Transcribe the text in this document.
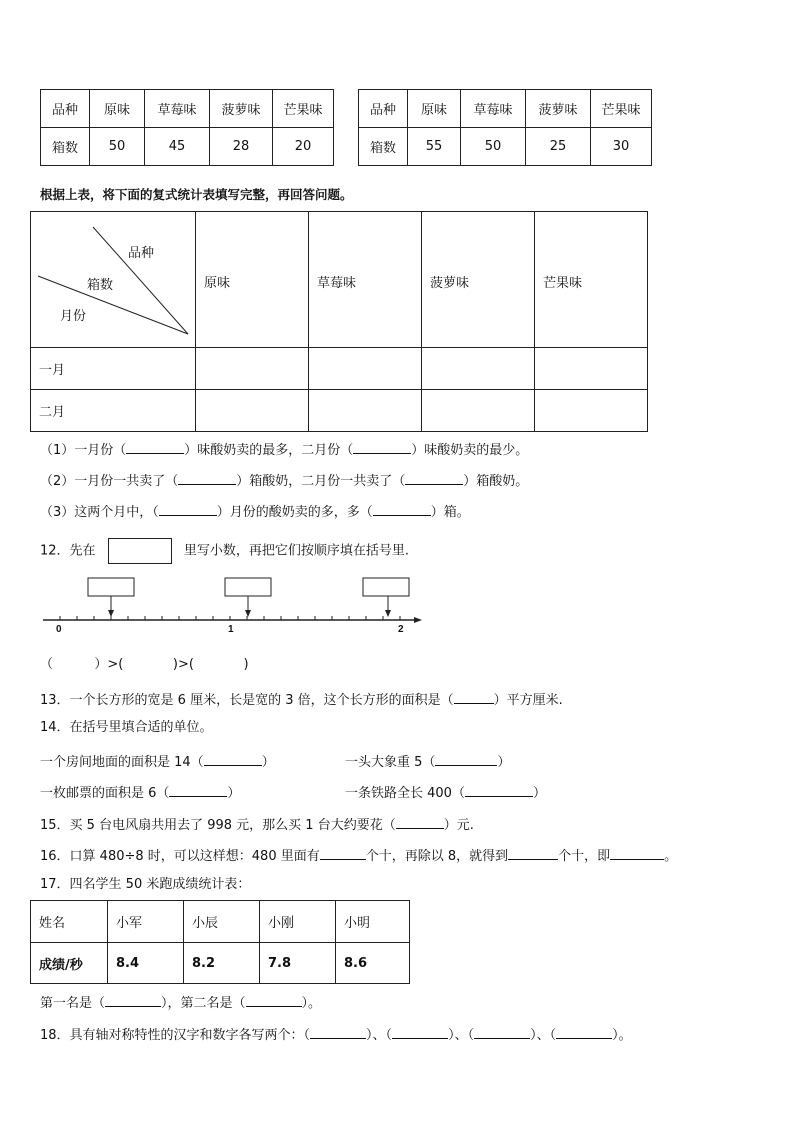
品种	原味	草莓味	菠萝味	芒果味
箱数	50	45	28	20
品种	原味	草莓味	菠萝味	芒果味
箱数	55	50	25	30
根据上表，将下面的复式统计表填写完整，再回答问题。
品种
箱数
月份	原味	草莓味	菠萝味	芒果味
一月				
二月				
（1）一月份（	）味酸奶卖的最多，二月份（	）味酸奶卖的最少。
（2）一月份一共卖了（	）箱酸奶，二月份一共卖了（	）箱酸奶。
（3）这两个月中，（	）月份的酸奶卖的多，多（	）箱。
12．先在	里写小数，再把它们按顺序填在括号里.
0	1	2
（          ）>(            )>(            )
13．一个长方形的宽是 6 厘米，长是宽的 3 倍，这个长方形的面积是（	）平方厘米.
14．在括号里填合适的单位。
一个房间地面的面积是 14（	）	一头大象重 5（	）
一枚邮票的面积是 6（	）	一条铁路全长 400（	）
15．买 5 台电风扇共用去了 998 元，那么买 1 台大约要花（	）元.
16．口算 480÷8 时，可以这样想：480 里面有	个十，再除以 8，就得到	个十，即	。
17．四名学生 50 米跑成绩统计表：
姓名	小军	小辰	小刚	小明
成绩/秒	8.4	8.2	7.8	8.6
第一名是（	），第二名是（	）。
18．具有轴对称特性的汉字和数字各写两个：（	）、（	）、（	）、（	）。
